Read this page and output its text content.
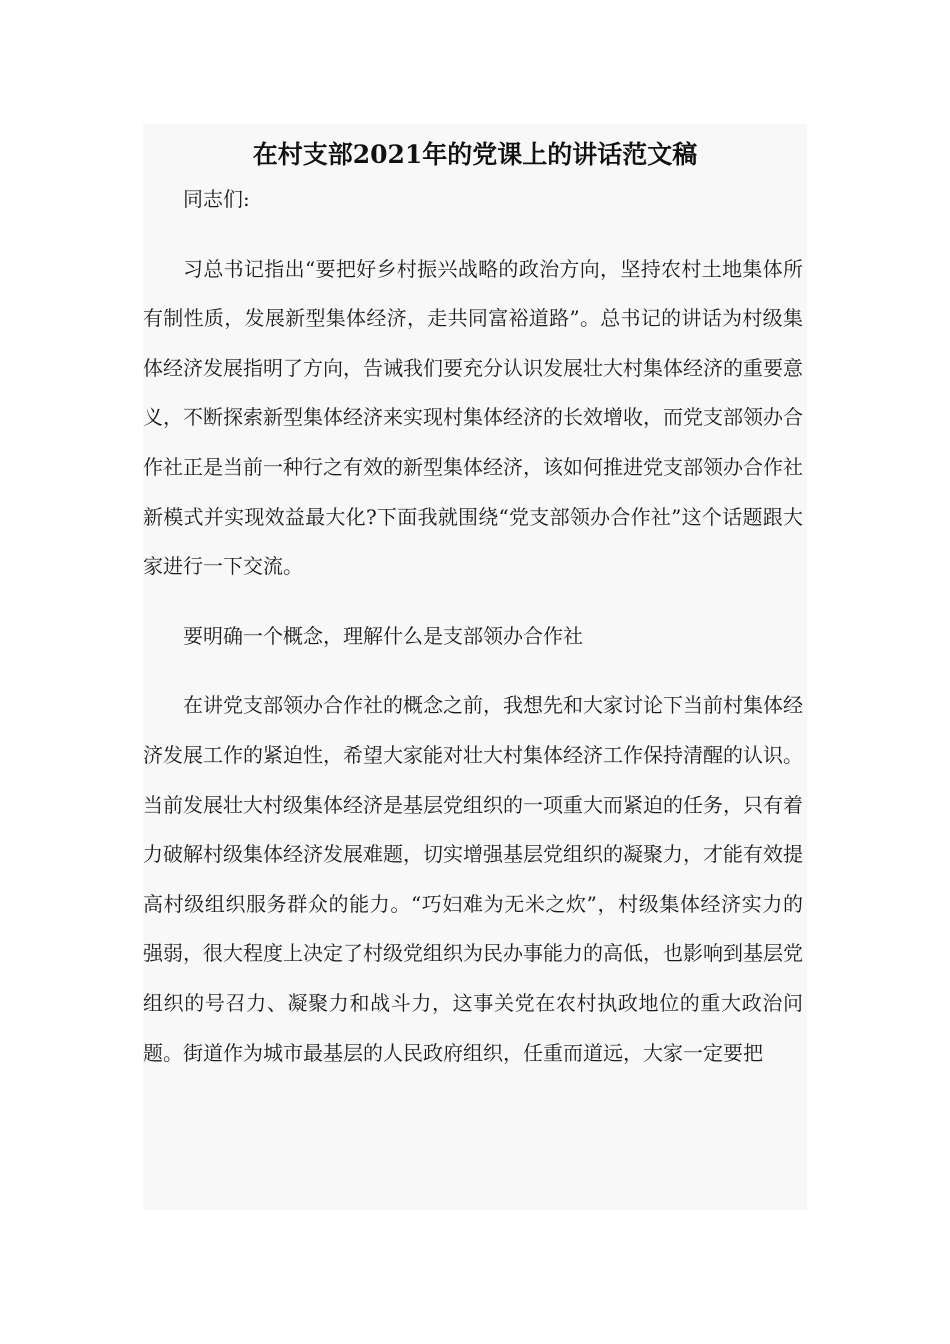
在村支部2021年的党课上的讲话范文稿

同志们:

习总书记指出“要把好乡村振兴战略的政治方向，坚持农村土地集体所有制性质，发展新型集体经济，走共同富裕道路”。总书记的讲话为村级集体经济发展指明了方向，告诫我们要充分认识发展壮大村集体经济的重要意义，不断探索新型集体经济来实现村集体经济的长效增收，而党支部领办合作社正是当前一种行之有效的新型集体经济，该如何推进党支部领办合作社新模式并实现效益最大化?下面我就围绕“党支部领办合作社”这个话题跟大家进行一下交流。

要明确一个概念，理解什么是支部领办合作社

在讲党支部领办合作社的概念之前，我想先和大家讨论下当前村集体经济发展工作的紧迫性，希望大家能对壮大村集体经济工作保持清醒的认识。当前发展壮大村级集体经济是基层党组织的一项重大而紧迫的任务，只有着力破解村级集体经济发展难题，切实增强基层党组织的凝聚力，才能有效提高村级组织服务群众的能力。“巧妇难为无米之炊”，村级集体经济实力的强弱，很大程度上决定了村级党组织为民办事能力的高低，也影响到基层党组织的号召力、凝聚力和战斗力，这事关党在农村执政地位的重大政治问题。街道作为城市最基层的人民政府组织，任重而道远，大家一定要把
